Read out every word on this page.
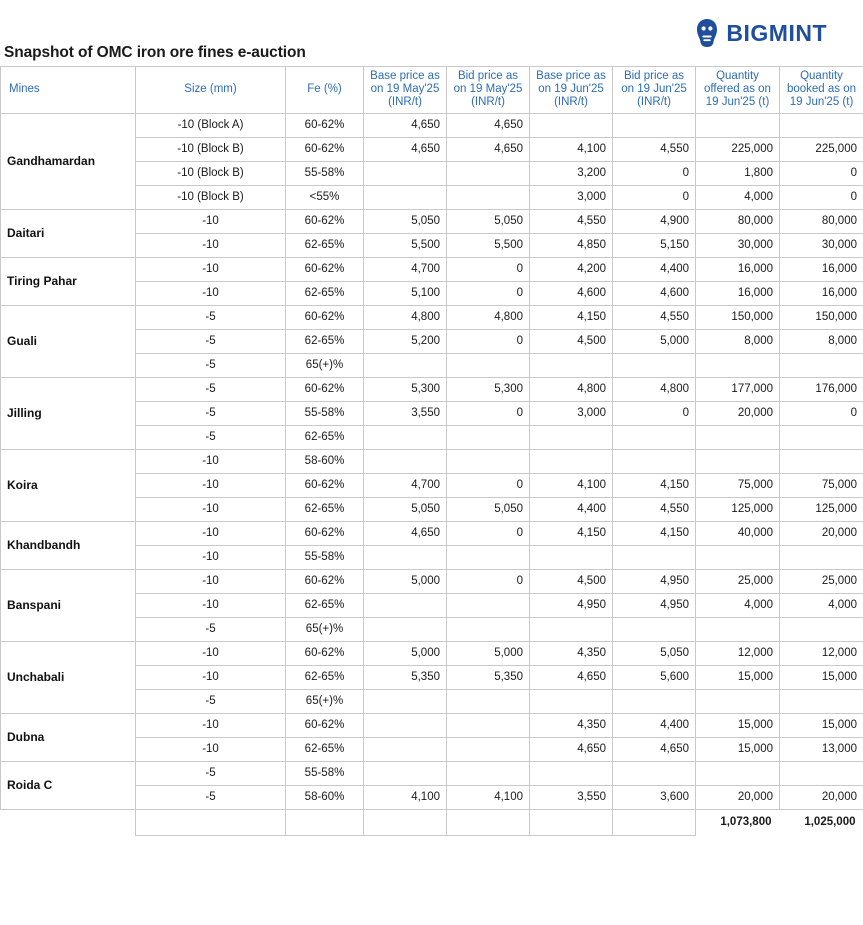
BIGMINT
Snapshot of OMC iron ore fines e-auction
Mines	Size (mm)	Fe (%)	Base price as on 19 May'25 (INR/t)	Bid price as on 19 May'25 (INR/t)	Base price as on 19 Jun'25 (INR/t)	Bid price as on 19 Jun'25 (INR/t)	Quantity offered as on 19 Jun'25 (t)	Quantity booked as on 19 Jun'25 (t)
Gandhamardan	-10 (Block A)	60-62%	4,650	4,650				
	-10 (Block B)	60-62%	4,650	4,650	4,100	4,550	225,000	225,000
	-10 (Block B)	55-58%			3,200	0	1,800	0
	-10 (Block B)	<55%			3,000	0	4,000	0
Daitari	-10	60-62%	5,050	5,050	4,550	4,900	80,000	80,000
	-10	62-65%	5,500	5,500	4,850	5,150	30,000	30,000
Tiring Pahar	-10	60-62%	4,700	0	4,200	4,400	16,000	16,000
	-10	62-65%	5,100	0	4,600	4,600	16,000	16,000
Guali	-5	60-62%	4,800	4,800	4,150	4,550	150,000	150,000
	-5	62-65%	5,200	0	4,500	5,000	8,000	8,000
	-5	65(+)%						
Jilling	-5	60-62%	5,300	5,300	4,800	4,800	177,000	176,000
	-5	55-58%	3,550	0	3,000	0	20,000	0
	-5	62-65%						
Koira	-10	58-60%						
	-10	60-62%	4,700	0	4,100	4,150	75,000	75,000
	-10	62-65%	5,050	5,050	4,400	4,550	125,000	125,000
Khandbandh	-10	60-62%	4,650	0	4,150	4,150	40,000	20,000
	-10	55-58%						
Banspani	-10	60-62%	5,000	0	4,500	4,950	25,000	25,000
	-10	62-65%			4,950	4,950	4,000	4,000
	-5	65(+)%						
Unchabali	-10	60-62%	5,000	5,000	4,350	5,050	12,000	12,000
	-10	62-65%	5,350	5,350	4,650	5,600	15,000	15,000
	-5	65(+)%						
Dubna	-10	60-62%			4,350	4,400	15,000	15,000
	-10	62-65%			4,650	4,650	15,000	13,000
Roida C	-5	55-58%						
	-5	58-60%	4,100	4,100	3,550	3,600	20,000	20,000
							1,073,800	1,025,000
